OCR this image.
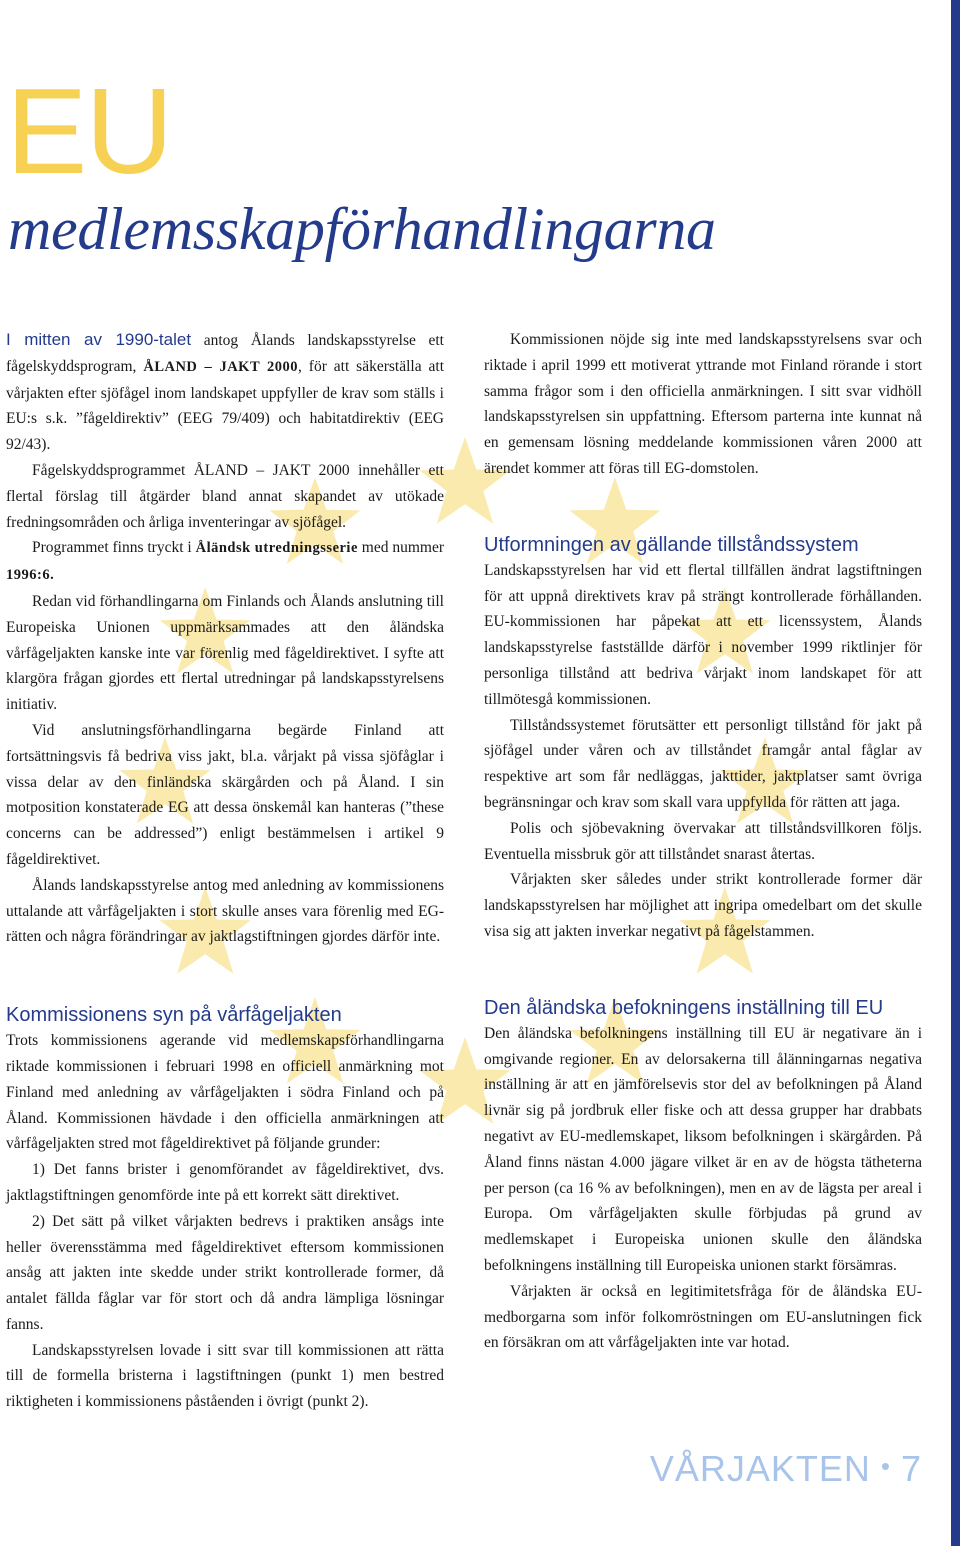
EU
medlemsskapförhandlingarna

I mitten av 1990-talet antog Ålands landskapsstyrelse ett fågelskyddsprogram, ÅLAND – JAKT 2000, för att säkerställa att vårjakten efter sjöfågel inom landskapet uppfyller de krav som ställs i EU:s s.k. ”fågeldirektiv” (EEG 79/409) och habitatdirektiv (EEG 92/43).

Fågelskyddsprogrammet ÅLAND – JAKT 2000 innehåller ett flertal förslag till åtgärder bland annat skapandet av utökade fredningsområden och årliga inventeringar av sjöfågel.

Programmet finns tryckt i Åländsk utredningsserie med nummer 1996:6.

Redan vid förhandlingarna om Finlands och Ålands anslutning till Europeiska Unionen uppmärksammades att den åländska vårfågeljakten kanske inte var förenlig med fågeldirektivet. I syfte att klargöra frågan gjordes ett flertal utredningar på landskapsstyrelsens initiativ.

Vid anslutningsförhandlingarna begärde Finland att fortsättningsvis få bedriva viss jakt, bl.a. vårjakt på vissa sjöfåglar i vissa delar av den finländska skärgården och på Åland. I sin motposition konstaterade EG att dessa önskemål kan hanteras (”these concerns can be addressed”) enligt bestämmelsen i artikel 9 fågeldirektivet.

Ålands landskapsstyrelse antog med anledning av kommissionens uttalande att vårfågeljakten i stort skulle anses vara förenlig med EG-rätten och några förändringar av jaktlagstiftningen gjordes därför inte.

Kommissionens syn på vårfågeljakten

Trots kommissionens agerande vid medlemskapsförhandlingarna riktade kommissionen i februari 1998 en officiell anmärkning mot Finland med anledning av vårfågeljakten i södra Finland och på Åland. Kommissionen hävdade i den officiella anmärkningen att vårfågeljakten stred mot fågeldirektivet på följande grunder:

1) Det fanns brister i genomförandet av fågeldirektivet, dvs. jaktlagstiftningen genomförde inte på ett korrekt sätt direktivet.

2) Det sätt på vilket vårjakten bedrevs i praktiken ansågs inte heller överensstämma med fågeldirektivet eftersom kommissionen ansåg att jakten inte skedde under strikt kontrollerade former, då antalet fällda fåglar var för stort och då andra lämpliga lösningar fanns.

Landskapsstyrelsen lovade i sitt svar till kommissionen att rätta till de formella bristerna i lagstiftningen (punkt 1) men bestred riktigheten i kommissionens påståenden i övrigt (punkt 2).

Kommissionen nöjde sig inte med landskapsstyrelsens svar och riktade i april 1999 ett motiverat yttrande mot Finland rörande i stort samma frågor som i den officiella anmärkningen. I sitt svar vidhöll landskapsstyrelsen sin uppfattning. Eftersom parterna inte kunnat nå en gemensam lösning meddelande kommissionen våren 2000 att ärendet kommer att föras till EG-domstolen.

Utformningen av gällande tillståndssystem

Landskapsstyrelsen har vid ett flertal tillfällen ändrat lagstiftningen för att uppnå direktivets krav på strängt kontrollerade förhållanden. EU-kommissionen har påpekat att ett licenssystem, Ålands landskapsstyrelse fastställde därför i november 1999 riktlinjer för personliga tillstånd att bedriva vårjakt inom landskapet för att tillmötesgå kommissionen.

Tillståndssystemet förutsätter ett personligt tillstånd för jakt på sjöfågel under våren och av tillståndet framgår antal fåglar av respektive art som får nedläggas, jakttider, jaktplatser samt övriga begränsningar och krav som skall vara uppfyllda för rätten att jaga.

Polis och sjöbevakning övervakar att tillståndsvillkoren följs. Eventuella missbruk gör att tillståndet snarast återtas.

Vårjakten sker således under strikt kontrollerade former där landskapsstyrelsen har möjlighet att ingripa omedelbart om det skulle visa sig att jakten inverkar negativt på fågelstammen.

Den åländska befokningens inställning till EU

Den åländska befolkningens inställning till EU är negativare än i omgivande regioner. En av delorsakerna till ålänningarnas negativa inställning är att en jämförelsevis stor del av befolkningen på Åland livnär sig på jordbruk eller fiske och att dessa grupper har drabbats negativt av EU-medlemskapet, liksom befolkningen i skärgården. På Åland finns nästan 4.000 jägare vilket är en av de högsta tätheterna per person (ca 16 % av befolkningen), men en av de lägsta per areal i Europa. Om vårfågeljakten skulle förbjudas på grund av medlemskapet i Europeiska unionen skulle den åländska befolkningens inställning till Europeiska unionen starkt försämras.

Vårjakten är också en legitimitetsfråga för de åländska EU-medborgarna som inför folkomröstningen om EU-anslutningen fick en försäkran om att vårfågeljakten inte var hotad.

VÅRJAKTEN • 7
